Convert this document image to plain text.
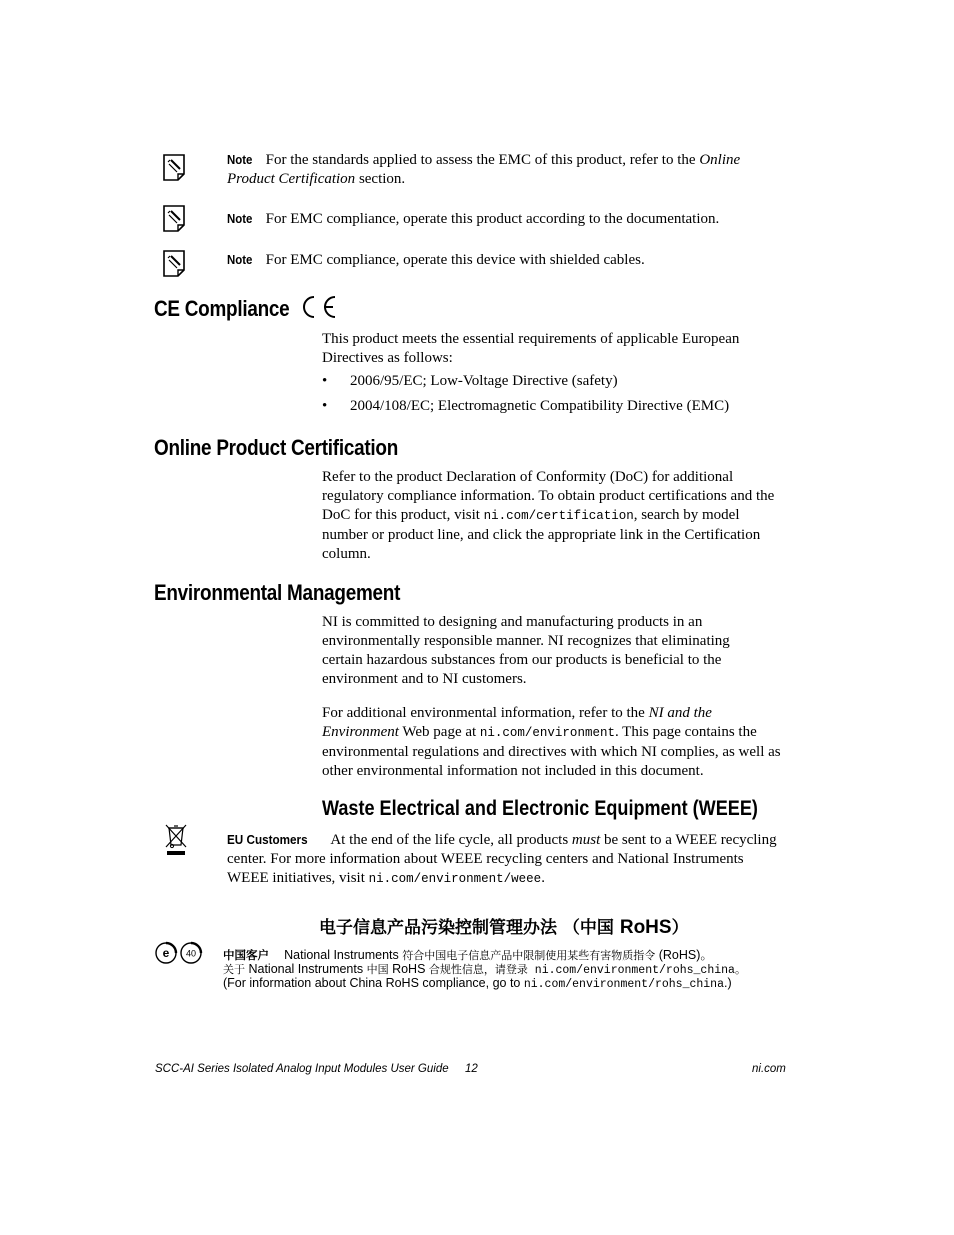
Note For the standards applied to assess the EMC of this product, refer to the Online Product Certification section.
Note For EMC compliance, operate this product according to the documentation.
Note For EMC compliance, operate this device with shielded cables.
CE Compliance
This product meets the essential requirements of applicable European Directives as follows:
• 2006/95/EC; Low-Voltage Directive (safety)
• 2004/108/EC; Electromagnetic Compatibility Directive (EMC)
Online Product Certification
Refer to the product Declaration of Conformity (DoC) for additional regulatory compliance information. To obtain product certifications and the DoC for this product, visit ni.com/certification, search by model number or product line, and click the appropriate link in the Certification column.
Environmental Management
NI is committed to designing and manufacturing products in an environmentally responsible manner. NI recognizes that eliminating certain hazardous substances from our products is beneficial to the environment and to NI customers.
For additional environmental information, refer to the NI and the Environment Web page at ni.com/environment. This page contains the environmental regulations and directives with which NI complies, as well as other environmental information not included in this document.
Waste Electrical and Electronic Equipment (WEEE)
EU Customers At the end of the life cycle, all products must be sent to a WEEE recycling center. For more information about WEEE recycling centers and National Instruments WEEE initiatives, visit ni.com/environment/weee.
电子信息产品污染控制管理办法 （中国 RoHS）
e 40 中国客户 National Instruments 符合中国电子信息产品中限制使用某些有害物质指令 (RoHS)。
关于 National Instruments 中国 RoHS 合规性信息，请登录 ni.com/environment/rohs_china。
(For information about China RoHS compliance, go to ni.com/environment/rohs_china.)
SCC-AI Series Isolated Analog Input Modules User Guide 12	ni.com
